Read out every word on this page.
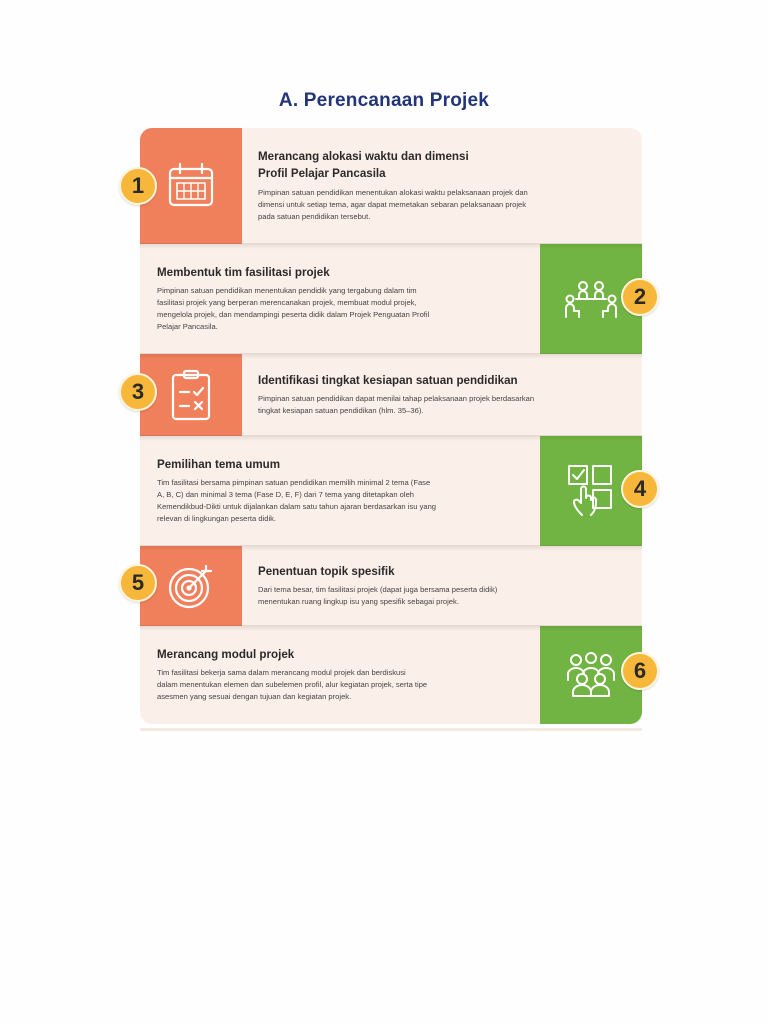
A. Perencanaan Projek
Merancang alokasi waktu dan dimensi
Profil Pelajar Pancasila
Pimpinan satuan pendidikan menentukan alokasi waktu pelaksanaan projek dan
dimensi untuk setiap tema, agar dapat memetakan sebaran pelaksanaan projek
pada satuan pendidikan tersebut.
Membentuk tim fasilitasi projek
Pimpinan satuan pendidikan menentukan pendidik yang tergabung dalam tim
fasilitasi projek yang berperan merencanakan projek, membuat modul projek,
mengelola projek, dan mendampingi peserta didik dalam Projek Penguatan Profil
Pelajar Pancasila.
Identifikasi tingkat kesiapan satuan pendidikan
Pimpinan satuan pendidikan dapat menilai tahap pelaksanaan projek berdasarkan
tingkat kesiapan satuan pendidikan (hlm. 35–36).
Pemilihan tema umum
Tim fasilitasi bersama pimpinan satuan pendidikan memilih minimal 2 tema (Fase
A, B, C) dan minimal 3 tema (Fase D, E, F) dari 7 tema yang ditetapkan oleh
Kemendikbud-Dikti untuk dijalankan dalam satu tahun ajaran berdasarkan isu yang
relevan di lingkungan peserta didik.
Penentuan topik spesifik
Dari tema besar, tim fasilitasi projek (dapat juga bersama peserta didik)
menentukan ruang lingkup isu yang spesifik sebagai projek.
Merancang modul projek
Tim fasilitasi bekerja sama dalam merancang modul projek dan berdiskusi
dalam menentukan elemen dan subelemen profil, alur kegiatan projek, serta tipe
asesmen yang sesuai dengan tujuan dan kegiatan projek.
1
2
3
4
5
6
